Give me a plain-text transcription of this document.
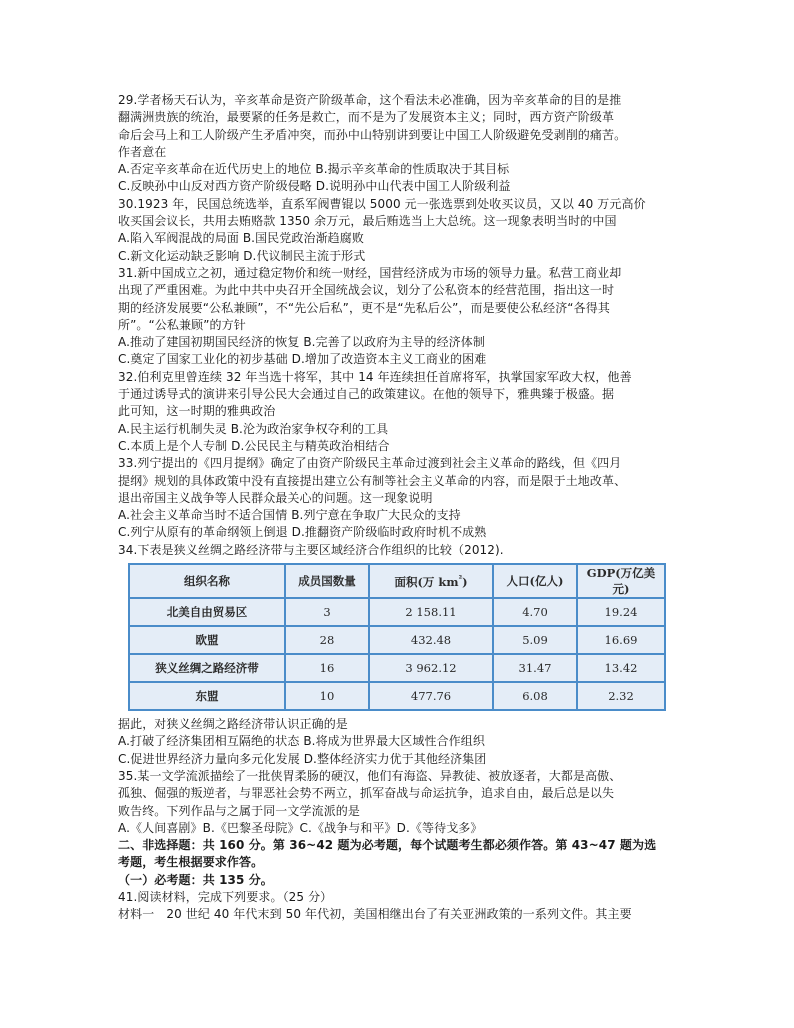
29.学者杨天石认为，辛亥革命是资产阶级革命，这个看法未必准确，因为辛亥革命的目的是推

翻满洲贵族的统治，最要紧的任务是救亡，而不是为了发展资本主义；同时，西方资产阶级革

命后会马上和工人阶级产生矛盾冲突，而孙中山特别讲到要让中国工人阶级避免受剥削的痛苦。

作者意在

A.否定辛亥革命在近代历史上的地位 B.揭示辛亥革命的性质取决于其目标

C.反映孙中山反对西方资产阶级侵略 D.说明孙中山代表中国工人阶级利益

30.1923 年，民国总统选举，直系军阀曹锟以 5000 元一张选票到处收买议员，又以 40 万元高价

收买国会议长，共用去贿赂款 1350 余万元，最后贿选当上大总统。这一现象表明当时的中国

A.陷入军阀混战的局面 B.国民党政治渐趋腐败

C.新文化运动缺乏影响 D.代议制民主流于形式

31.新中国成立之初，通过稳定物价和统一财经，国营经济成为市场的领导力量。私营工商业却

出现了严重困难。为此中共中央召开全国统战会议，划分了公私资本的经营范围，指出这一时

期的经济发展要“公私兼顾”，不“先公后私”，更不是“先私后公”，而是要使公私经济“各得其

所”。“公私兼顾”的方针

A.推动了建国初期国民经济的恢复 B.完善了以政府为主导的经济体制

C.奠定了国家工业化的初步基础 D.增加了改造资本主义工商业的困难

32.伯利克里曾连续 32 年当选十将军，其中 14 年连续担任首席将军，执掌国家军政大权，他善

于通过诱导式的演讲来引导公民大会通过自己的政策建议。在他的领导下，雅典臻于极盛。据

此可知，这一时期的雅典政治

A.民主运行机制失灵 B.沦为政治家争权夺利的工具

C.本质上是个人专制 D.公民民主与精英政治相结合

33.列宁提出的《四月提纲》确定了由资产阶级民主革命过渡到社会主义革命的路线，但《四月

提纲》规划的具体政策中没有直接提出建立公有制等社会主义革命的内容，而是限于土地改革、

退出帝国主义战争等人民群众最关心的问题。这一现象说明

A.社会主义革命当时不适合国情 B.列宁意在争取广大民众的支持

C.列宁从原有的革命纲领上倒退 D.推翻资产阶级临时政府时机不成熟

34.下表是狭义丝绸之路经济带与主要区域经济合作组织的比较（2012).

组织名称	成员国数量	面积(万 $km^{^2}$)	人口(亿人)	GDP(万亿美元)
北美自由贸易区	3	2 158.11	4.70	19.24
欧盟	28	432.48	5.09	16.69
狭义丝绸之路经济带	16	3 962.12	31.47	13.42
东盟	10	477.76	6.08	2.32

据此，对狭义丝绸之路经济带认识正确的是

A.打破了经济集团相互隔绝的状态 B.将成为世界最大区域性合作组织

C.促进世界经济力量向多元化发展 D.整体经济实力优于其他经济集团

35.某一文学流派描绘了一批侠胃柔肠的硬汉，他们有海盗、异教徒、被放逐者，大都是高傲、

孤独、倔强的叛逆者，与罪恶社会势不两立，抓军奋战与命运抗争，追求自由，最后总是以失

败告终。下列作品与之属于同一文学流派的是

A.《人间喜剧》B.《巴黎圣母院》C.《战争与和平》D.《等待戈多》

二、非选择题：共 160 分。第 36~42 题为必考题，每个试题考生都必须作答。第 43~47 题为选

考题，考生根据要求作答。

（一）必考题：共 135 分。

41.阅读材料，完成下列要求。（25 分）

材料一　20 世纪 40 年代末到 50 年代初，美国相继出台了有关亚洲政策的一系列文件。其主要
